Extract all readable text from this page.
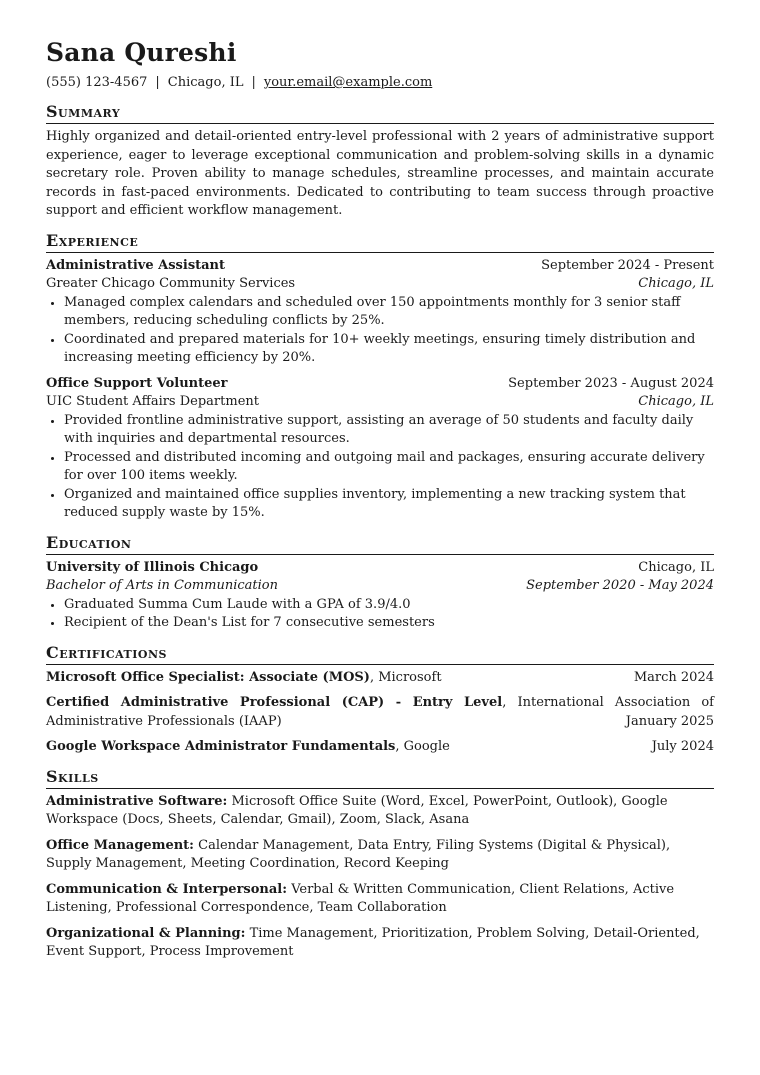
Sana Qureshi
(555) 123-4567 | Chicago, IL | your.email@example.com
Summary

Highly organized and detail-oriented entry-level professional with 2 years of administrative support experience, eager to leverage exceptional communication and problem-solving skills in a dynamic secretary role. Proven ability to manage schedules, streamline processes, and maintain accurate records in fast-paced environments. Dedicated to contributing to team success through proactive support and efficient workflow management.

Experience
Administrative Assistant	September 2024 - Present
Greater Chicago Community Services	Chicago, IL
• Managed complex calendars and scheduled over 150 appointments monthly for 3 senior staff members, reducing scheduling conflicts by 25%.
• Coordinated and prepared materials for 10+ weekly meetings, ensuring timely distribution and increasing meeting efficiency by 20%.
Office Support Volunteer	September 2023 - August 2024
UIC Student Affairs Department	Chicago, IL
• Provided frontline administrative support, assisting an average of 50 students and faculty daily with inquiries and departmental resources.
• Processed and distributed incoming and outgoing mail and packages, ensuring accurate delivery for over 100 items weekly.
• Organized and maintained office supplies inventory, implementing a new tracking system that reduced supply waste by 15%.
Education
University of Illinois Chicago	Chicago, IL
Bachelor of Arts in Communication	September 2020 - May 2024
• Graduated Summa Cum Laude with a GPA of 3.9/4.0
• Recipient of the Dean's List for 7 consecutive semesters
Certifications
Microsoft Office Specialist: Associate (MOS), Microsoft	March 2024
Certified Administrative Professional (CAP) - Entry Level, International Association of Administrative Professionals (IAAP)	January 2025
Google Workspace Administrator Fundamentals, Google	July 2024
Skills
Administrative Software: Microsoft Office Suite (Word, Excel, PowerPoint, Outlook), Google Workspace (Docs, Sheets, Calendar, Gmail), Zoom, Slack, Asana
Office Management: Calendar Management, Data Entry, Filing Systems (Digital & Physical), Supply Management, Meeting Coordination, Record Keeping
Communication & Interpersonal: Verbal & Written Communication, Client Relations, Active Listening, Professional Correspondence, Team Collaboration
Organizational & Planning: Time Management, Prioritization, Problem Solving, Detail-Oriented, Event Support, Process Improvement
